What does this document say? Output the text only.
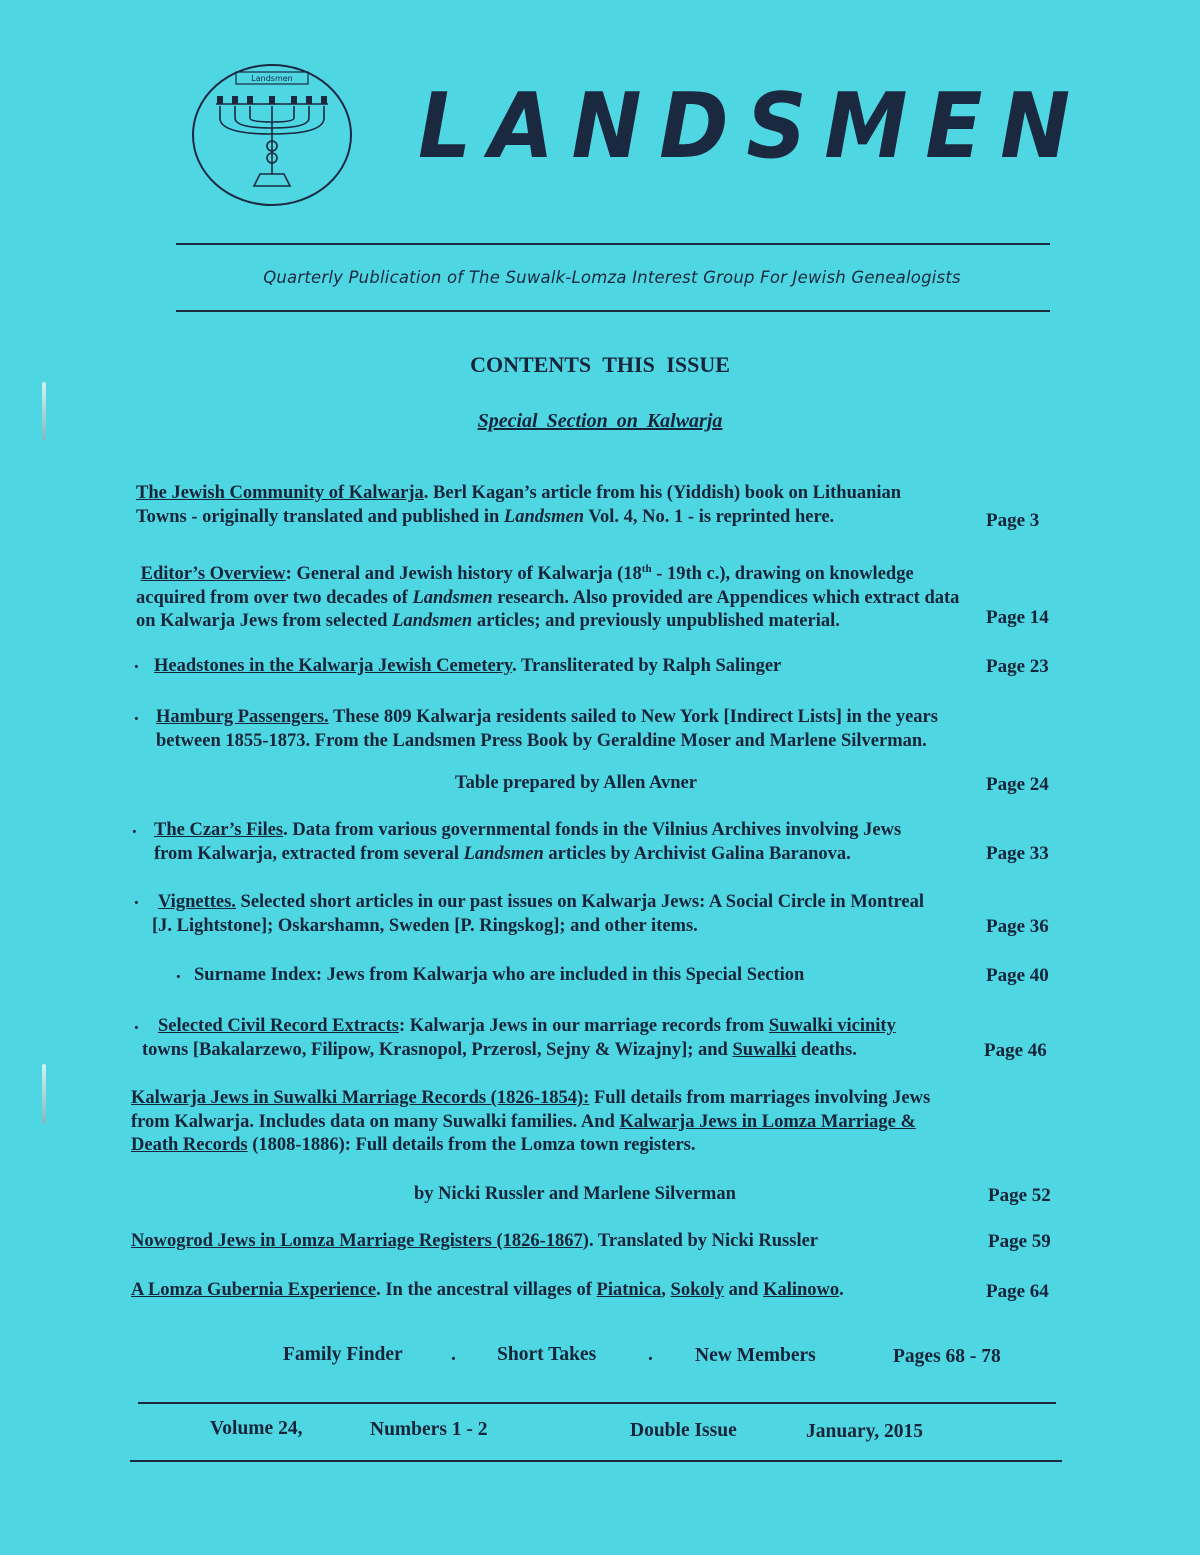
Landsmen LANDSMEN
Quarterly Publication of The Suwalk-Lomza Interest Group For Jewish Genealogists
CONTENTS THIS ISSUE
Special Section on Kalwarja
The Jewish Community of Kalwarja. Berl Kagan’s article from his (Yiddish) book on Lithuanian
Towns - originally translated and published in Landsmen Vol. 4, No. 1 - is reprinted here.	Page 3
Editor’s Overview: General and Jewish history of Kalwarja (18th - 19th c.), drawing on knowledge
acquired from over two decades of Landsmen research. Also provided are Appendices which extract data
on Kalwarja Jews from selected Landsmen articles; and previously unpublished material.	Page 14
. Headstones in the Kalwarja Jewish Cemetery. Transliterated by Ralph Salinger	Page 23
. Hamburg Passengers. These 809 Kalwarja residents sailed to New York [Indirect Lists] in the years
between 1855-1873. From the Landsmen Press Book by Geraldine Moser and Marlene Silverman.
Table prepared by Allen Avner	Page 24
. The Czar’s Files. Data from various governmental fonds in the Vilnius Archives involving Jews
from Kalwarja, extracted from several Landsmen articles by Archivist Galina Baranova.	Page 33
. Vignettes. Selected short articles in our past issues on Kalwarja Jews: A Social Circle in Montreal
[J. Lightstone]; Oskarshamn, Sweden [P. Ringskog]; and other items.	Page 36
. Surname Index: Jews from Kalwarja who are included in this Special Section	Page 40
. Selected Civil Record Extracts: Kalwarja Jews in our marriage records from Suwalki vicinity
towns [Bakalarzewo, Filipow, Krasnopol, Przerosl, Sejny & Wizajny]; and Suwalki deaths.	Page 46
Kalwarja Jews in Suwalki Marriage Records (1826-1854): Full details from marriages involving Jews
from Kalwarja. Includes data on many Suwalki families. And Kalwarja Jews in Lomza Marriage &
Death Records (1808-1886): Full details from the Lomza town registers.
by Nicki Russler and Marlene Silverman	Page 52
Nowogrod Jews in Lomza Marriage Registers (1826-1867). Translated by Nicki Russler	Page 59
A Lomza Gubernia Experience. In the ancestral villages of Piatnica, Sokoly and Kalinowo.	Page 64
Family Finder . Short Takes	. New Members	Pages 68 - 78
Volume 24,	Numbers 1 - 2	Double Issue	January, 2015
